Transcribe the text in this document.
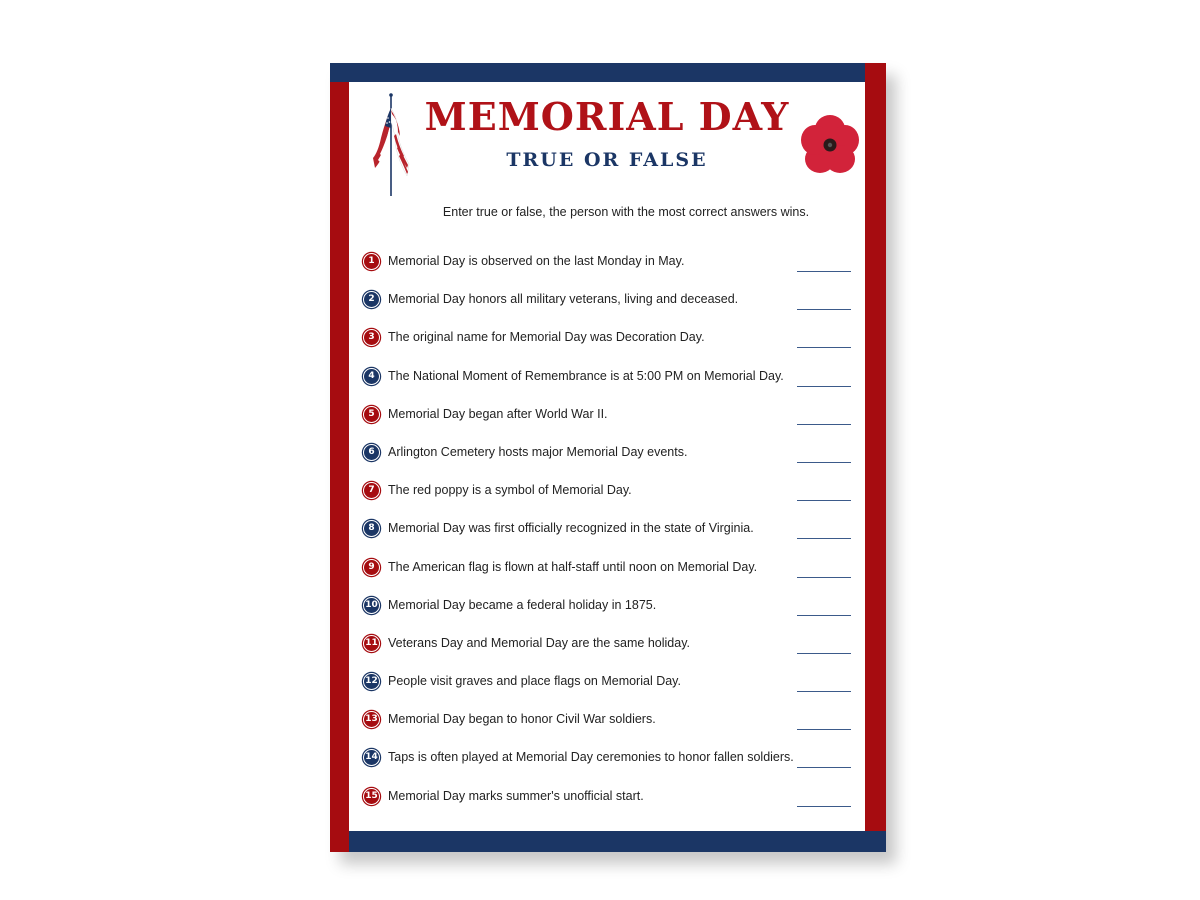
MEMORIAL DAY
TRUE OR FALSE
Enter true or false, the person with the most correct answers wins.
1	Memorial Day is observed on the last Monday in May.
2	Memorial Day honors all military veterans, living and deceased.
3	The original name for Memorial Day was Decoration Day.
4	The National Moment of Remembrance is at 5:00 PM on Memorial Day.
5	Memorial Day began after World War II.
6	Arlington Cemetery hosts major Memorial Day events.
7	The red poppy is a symbol of Memorial Day.
8	Memorial Day was first officially recognized in the state of Virginia.
9	The American flag is flown at half-staff until noon on Memorial Day.
10 Memorial Day became a federal holiday in 1875.
11 Veterans Day and Memorial Day are the same holiday.
12 People visit graves and place flags on Memorial Day.
13 Memorial Day began to honor Civil War soldiers.
14 Taps is often played at Memorial Day ceremonies to honor fallen soldiers.
15 Memorial Day marks summer's unofficial start.
